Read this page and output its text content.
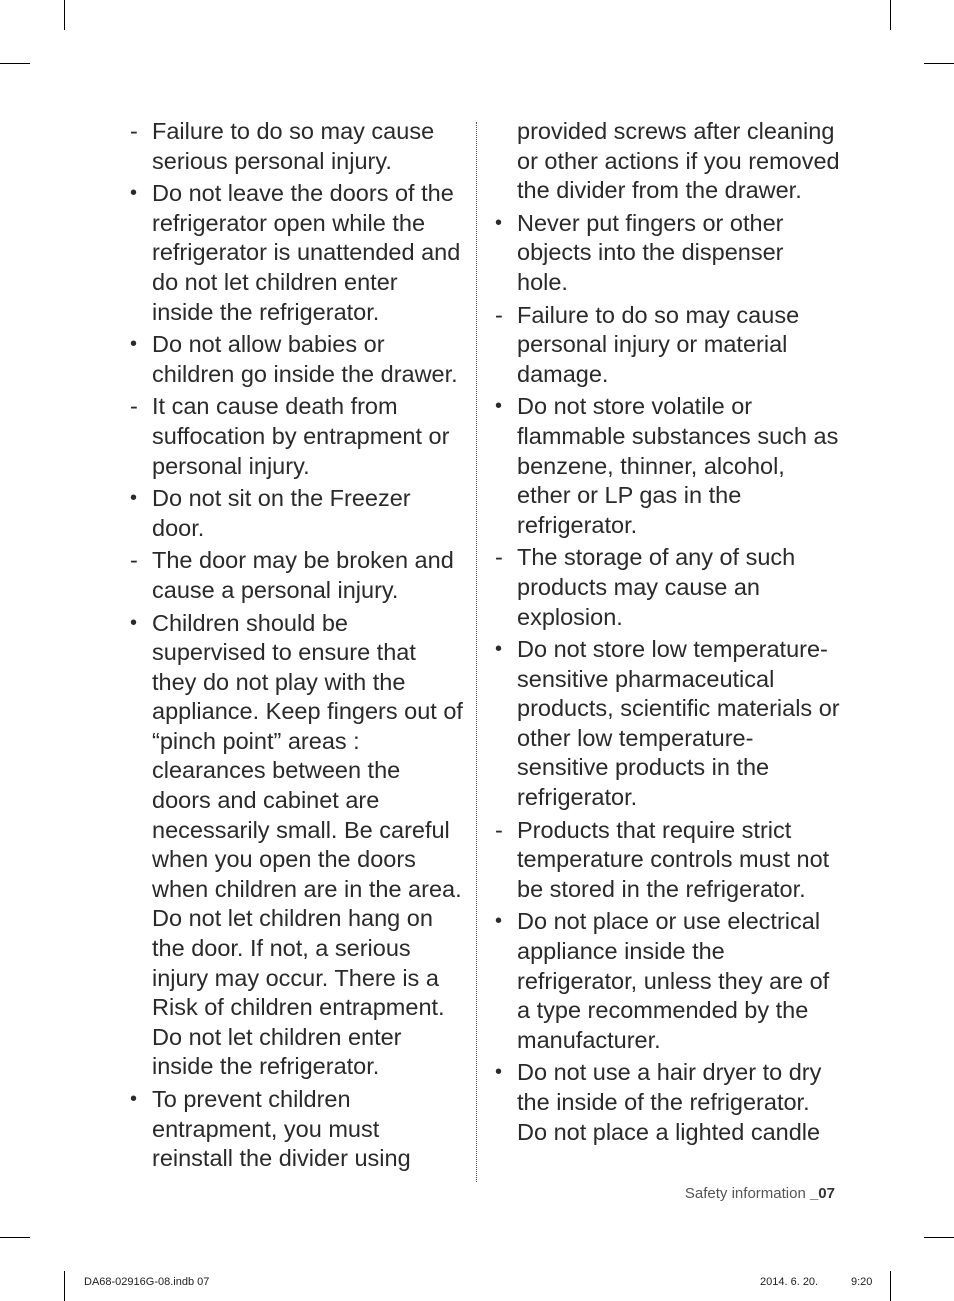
- Failure to do so may cause serious personal injury.
• Do not leave the doors of the refrigerator open while the refrigerator is unattended and do not let children enter inside the refrigerator.
• Do not allow babies or children go inside the drawer.
- It can cause death from suffocation by entrapment or personal injury.
• Do not sit on the Freezer door.
- The door may be broken and cause a personal injury.
• Children should be supervised to ensure that they do not play with the appliance. Keep fingers out of “pinch point” areas : clearances between the doors and cabinet are necessarily small. Be careful when you open the doors when children are in the area. Do not let children hang on the door. If not, a serious injury may occur. There is a Risk of children entrapment. Do not let children enter inside the refrigerator.
• To prevent children entrapment, you must reinstall the divider using
provided screws after cleaning or other actions if you removed the divider from the drawer.
• Never put fingers or other objects into the dispenser hole.
- Failure to do so may cause personal injury or material damage.
• Do not store volatile or flammable substances such as benzene, thinner, alcohol, ether or LP gas in the refrigerator.
- The storage of any of such products may cause an explosion.
• Do not store low temperature-sensitive pharmaceutical products, scientific materials or other low temperature-sensitive products in the refrigerator.
- Products that require strict temperature controls must not be stored in the refrigerator.
• Do not place or use electrical appliance inside the refrigerator, unless they are of a type recommended by the manufacturer.
• Do not use a hair dryer to dry the inside of the refrigerator. Do not place a lighted candle
Safety information _07
DA68-02916G-08.indb 07	2014. 6. 20.	9:20
